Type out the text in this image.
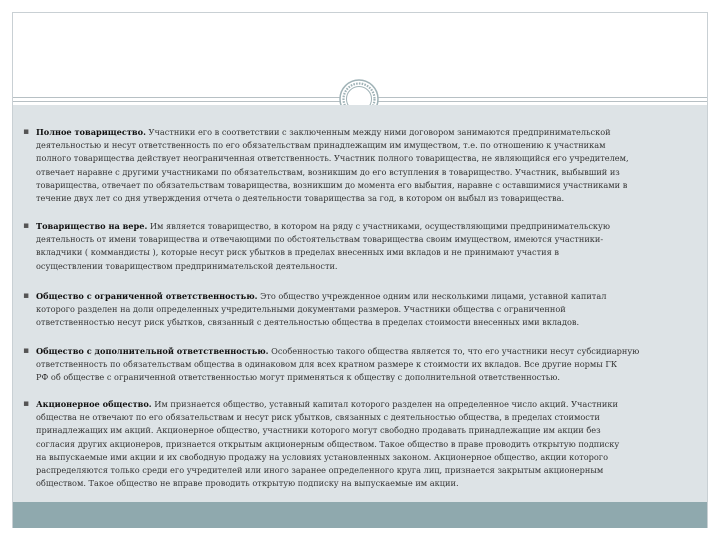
▪ Полное товарищество. Участники его в соответствии с заключенным между ними договором занимаются предпринимательской
деятельностью и несут ответственность по его обязательствам принадлежащим им имуществом, т.е. по отношению к участникам
полного товарищества действует неограниченная ответственность. Участник полного товарищества, не являющийся его учредителем,
отвечает наравне с другими участниками по обязательствам, возникшим до его вступления в товарищество. Участник, выбывший из
товарищества, отвечает по обязательствам товарищества, возникшим до момента его выбытия, наравне с оставшимися участниками в
течение двух лет со дня утверждения отчета о деятельности товарищества за год, в котором он выбыл из товарищества.
▪ Товарищество на вере. Им является товарищество, в котором на ряду с участниками, осуществляющими предпринимательскую
деятельность от имени товарищества и отвечающими по обстоятельствам товарищества своим имуществом, имеются участники-
вкладчики ( коммандисты ), которые несут риск убытков в пределах внесенных ими вкладов и не принимают участия в
осуществлении товариществом предпринимательской деятельности.
▪ Общество с ограниченной ответственностью. Это общество учрежденное одним или несколькими лицами, уставной капитал
которого разделен на доли определенных учредительными документами размеров. Участники общества с ограниченной
ответственностью несут риск убытков, связанный с деятельностью общества в пределах стоимости внесенных ими вкладов.
▪ Общество с дополнительной ответственностью. Особенностью такого общества является то, что его участники несут субсидиарную
ответственность по обязательствам общества в одинаковом для всех кратном размере к стоимости их вкладов. Все другие нормы ГК
РФ об обществе с ограниченной ответственностью могут применяться к обществу с дополнительной ответственностью.
▪ Акционерное общество. Им признается общество, уставный капитал которого разделен на определенное число акций. Участники
общества не отвечают по его обязательствам и несут риск убытков, связанных с деятельностью общества, в пределах стоимости
принадлежащих им акций. Акционерное общество, участники которого могут свободно продавать принадлежащие им акции без
согласия других акционеров, признается открытым акционерным обществом. Такое общество в праве проводить открытую подписку
на выпускаемые ими акции и их свободную продажу на условиях установленных законом. Акционерное общество, акции которого
распределяются только среди его учредителей или иного заранее определенного круга лиц, признается закрытым акционерным
обществом. Такое общество не вправе проводить открытую подписку на выпускаемые им акции.
